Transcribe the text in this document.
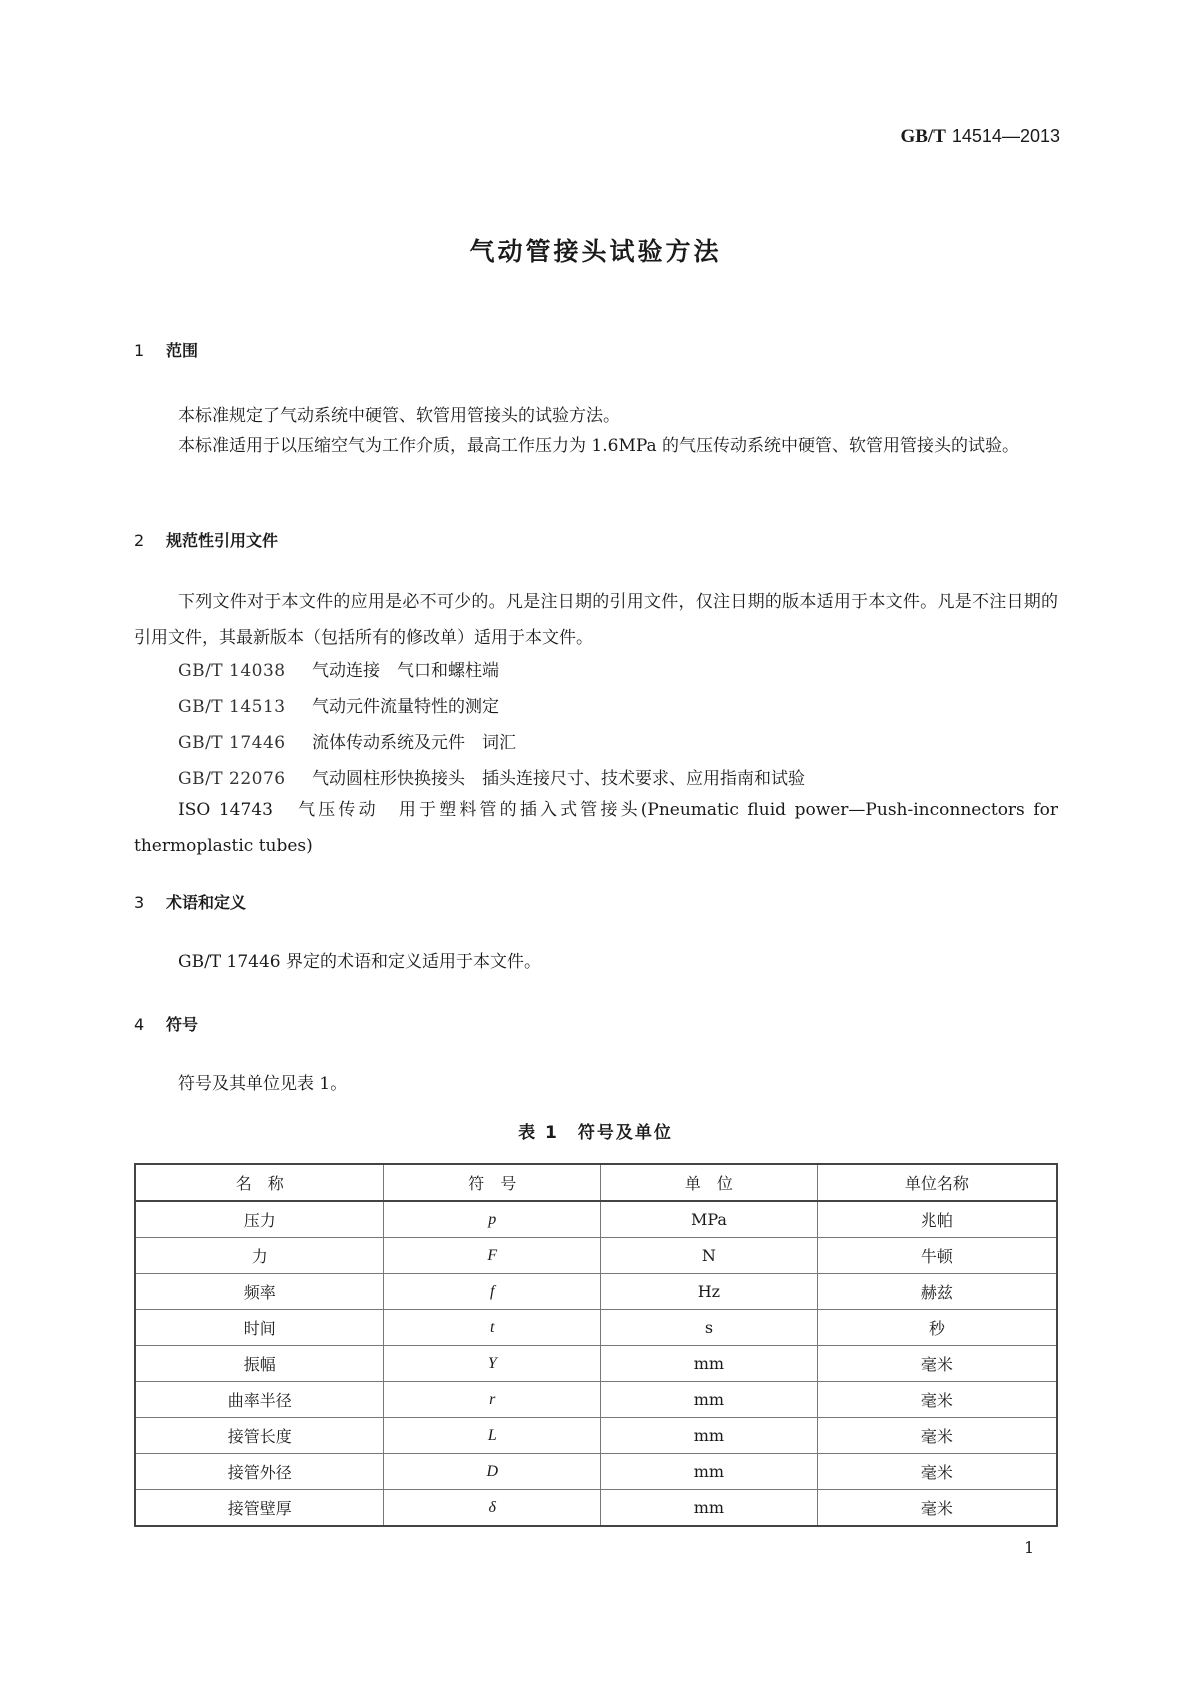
GB/T 14514—2013
气动管接头试验方法
1 范围
本标准规定了气动系统中硬管、软管用管接头的试验方法。
本标准适用于以压缩空气为工作介质，最高工作压力为 1.6MPa 的气压传动系统中硬管、软管用管接头的试验。
2 规范性引用文件
下列文件对于本文件的应用是必不可少的。凡是注日期的引用文件，仅注日期的版本适用于本文件。凡是不注日期的引用文件，其最新版本（包括所有的修改单）适用于本文件。
GB/T 14038 气动连接　气口和螺柱端
GB/T 14513 气动元件流量特性的测定
GB/T 17446 流体传动系统及元件　词汇
GB/T 22076 气动圆柱形快换接头　插头连接尺寸、技术要求、应用指南和试验
ISO 14743 气压传动　用于塑料管的插入式管接头(Pneumatic fluid power—Push-inconnectors for thermoplastic tubes)
3 术语和定义
GB/T 17446 界定的术语和定义适用于本文件。
4 符号
符号及其单位见表 1。
表 1　符号及单位
名　称	符　号	单　位	单位名称
压力	p	MPa	兆帕
力	F	N	牛顿
频率	f	Hz	赫兹
时间	t	s	秒
振幅	Y	mm	毫米
曲率半径	r	mm	毫米
接管长度	L	mm	毫米
接管外径	D	mm	毫米
接管壁厚	δ	mm	毫米
1
